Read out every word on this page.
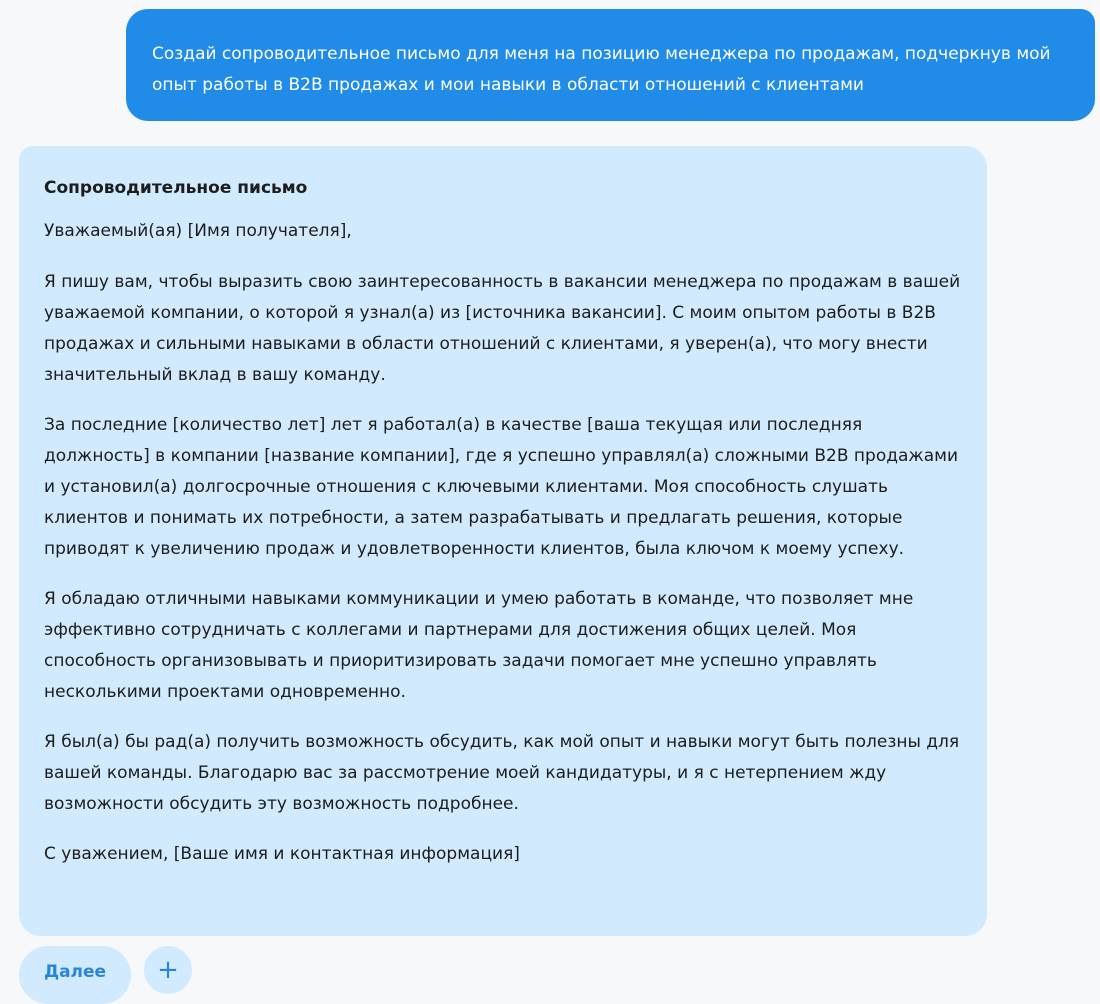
Создай сопроводительное письмо для меня на позицию менеджера по продажам, подчеркнув мой опыт работы в B2B продажах и мои навыки в области отношений с клиентами

Сопроводительное письмо

Уважаемый(ая) [Имя получателя],

Я пишу вам, чтобы выразить свою заинтересованность в вакансии менеджера по продажам в вашей уважаемой компании, о которой я узнал(а) из [источника вакансии]. С моим опытом работы в B2B продажах и сильными навыками в области отношений с клиентами, я уверен(а), что могу внести значительный вклад в вашу команду.

За последние [количество лет] лет я работал(а) в качестве [ваша текущая или последняя должность] в компании [название компании], где я успешно управлял(а) сложными B2B продажами и установил(а) долгосрочные отношения с ключевыми клиентами. Моя способность слушать клиентов и понимать их потребности, а затем разрабатывать и предлагать решения, которые приводят к увеличению продаж и удовлетворенности клиентов, была ключом к моему успеху.

Я обладаю отличными навыками коммуникации и умею работать в команде, что позволяет мне эффективно сотрудничать с коллегами и партнерами для достижения общих целей. Моя способность организовывать и приоритизировать задачи помогает мне успешно управлять несколькими проектами одновременно.

Я был(а) бы рад(а) получить возможность обсудить, как мой опыт и навыки могут быть полезны для вашей команды. Благодарю вас за рассмотрение моей кандидатуры, и я с нетерпением жду возможности обсудить эту возможность подробнее.

С уважением, [Ваше имя и контактная информация]

Далее	+
